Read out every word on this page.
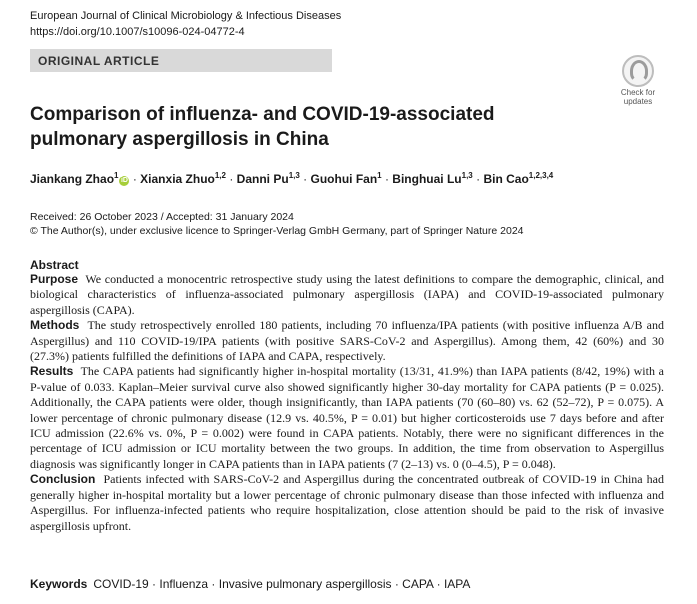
European Journal of Clinical Microbiology & Infectious Diseases
https://doi.org/10.1007/s10096-024-04772-4
ORIGINAL ARTICLE
Check for
updates
Comparison of influenza- and COVID-19-associated pulmonary aspergillosis in China
Jiankang Zhao$^1$iD · Xianxia Zhuo$^{1,2}$ · Danni Pu$^{1,3}$ · Guohui Fan$^1$ · Binghuai Lu$^{1,3}$ · Bin Cao$^{1,2,3,4}$
Received: 26 October 2023 / Accepted: 31 January 2024
© The Author(s), under exclusive licence to Springer-Verlag GmbH Germany, part of Springer Nature 2024
Abstract

Purpose We conducted a monocentric retrospective study using the latest definitions to compare the demographic, clinical, and biological characteristics of influenza-associated pulmonary aspergillosis (IAPA) and COVID-19-associated pulmonary aspergillosis (CAPA).

Methods The study retrospectively enrolled 180 patients, including 70 influenza/IPA patients (with positive influenza A/B and Aspergillus) and 110 COVID-19/IPA patients (with positive SARS-CoV-2 and Aspergillus). Among them, 42 (60%) and 30 (27.3%) patients fulfilled the definitions of IAPA and CAPA, respectively.

Results The CAPA patients had significantly higher in-hospital mortality (13/31, 41.9%) than IAPA patients (8/42, 19%) with a P-value of 0.033. Kaplan–Meier survival curve also showed significantly higher 30-day mortality for CAPA patients (P = 0.025). Additionally, the CAPA patients were older, though insignificantly, than IAPA patients (70 (60–80) vs. 62 (52–72), P = 0.075). A lower percentage of chronic pulmonary disease (12.9 vs. 40.5%, P = 0.01) but higher corticosteroids use 7 days before and after ICU admission (22.6% vs. 0%, P = 0.002) were found in CAPA patients. Notably, there were no significant differences in the percentage of ICU admission or ICU mortality between the two groups. In addition, the time from observation to Aspergillus diagnosis was significantly longer in CAPA patients than in IAPA patients (7 (2–13) vs. 0 (0–4.5), P = 0.048).

Conclusion Patients infected with SARS-CoV-2 and Aspergillus during the concentrated outbreak of COVID-19 in China had generally higher in-hospital mortality but a lower percentage of chronic pulmonary disease than those infected with influenza and Aspergillus. For influenza-infected patients who require hospitalization, close attention should be paid to the risk of invasive aspergillosis upfront.

Keywords COVID-19 · Influenza · Invasive pulmonary aspergillosis · CAPA · IAPA
